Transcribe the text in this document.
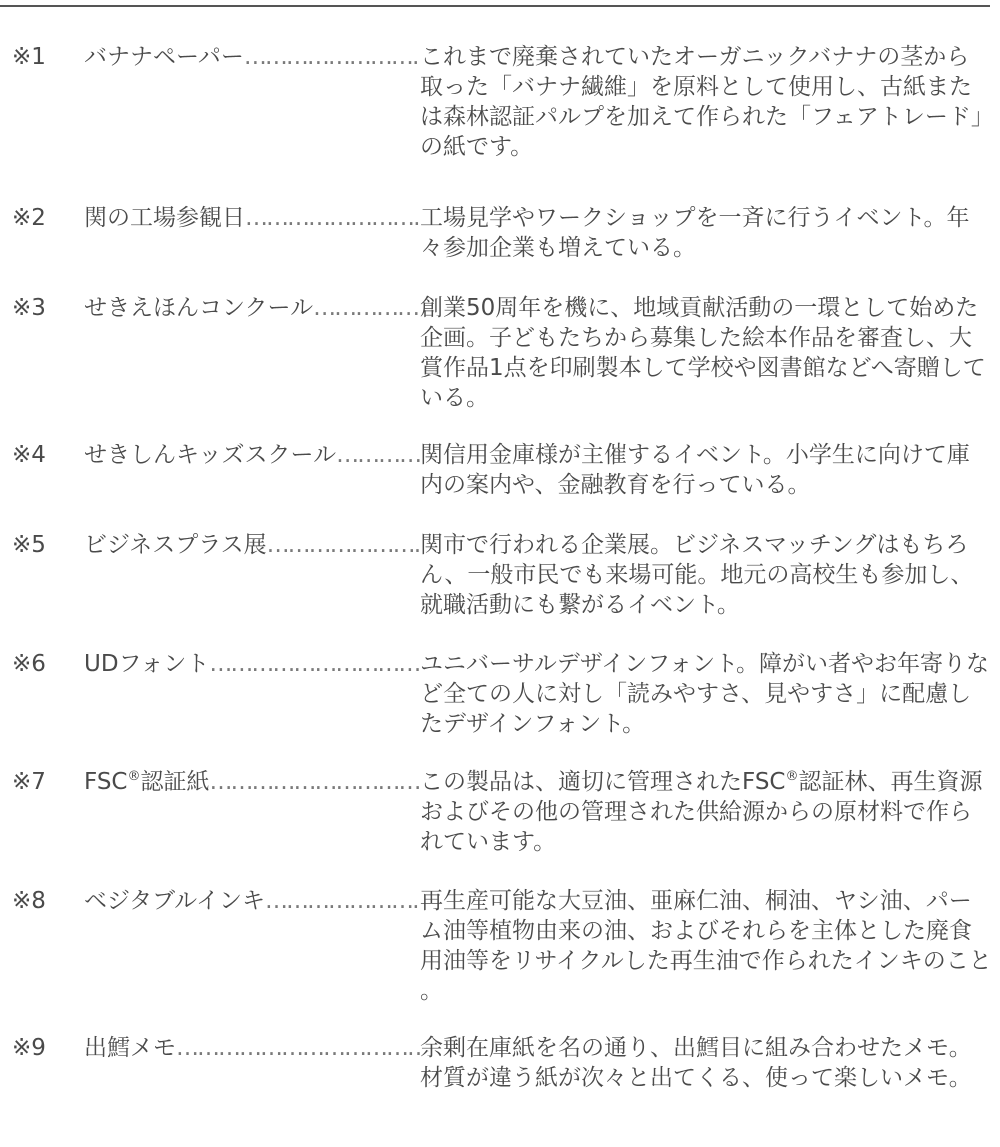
※1 バナナペーパー …………………………………………………………………………	これまで廃棄されていたオーガニックバナナの茎から取った「バナナ繊維」を原料として使用し、古紙または森林認証パルプを加えて作られた「フェアトレード」の紙です。
※2 関の工場参観日 …………………………………………………………………………	工場見学やワークショップを一斉に行うイベント。年々参加企業も増えている。
※3 せきえほんコンクール …………………………………………………………………………	創業50周年を機に、地域貢献活動の一環として始めた企画。子どもたちから募集した絵本作品を審査し、大賞作品1点を印刷製本して学校や図書館などへ寄贈している。
※4 せきしんキッズスクール …………………………………………………………………………	関信用金庫様が主催するイベント。小学生に向けて庫内の案内や、金融教育を行っている。
※5 ビジネスプラス展 …………………………………………………………………………	関市で行われる企業展。ビジネスマッチングはもちろん、一般市民でも来場可能。地元の高校生も参加し、就職活動にも繋がるイベント。
※6 UDフォント …………………………………………………………………………	ユニバーサルデザインフォント。障がい者やお年寄りなど全ての人に対し「読みやすさ、見やすさ」に配慮したデザインフォント。
※7 FSC®認証紙 …………………………………………………………………………	この製品は、適切に管理されたFSC®認証林、再生資源およびその他の管理された供給源からの原材料で作られています。
※8 ベジタブルインキ …………………………………………………………………………	再生産可能な大豆油、亜麻仁油、桐油、ヤシ油、パーム油等植物由来の油、およびそれらを主体とした廃食用油等をリサイクルした再生油で作られたインキのこと。
※9 出鱈メモ …………………………………………………………………………	余剰在庫紙を名の通り、出鱈目に組み合わせたメモ。材質が違う紙が次々と出てくる、使って楽しいメモ。
